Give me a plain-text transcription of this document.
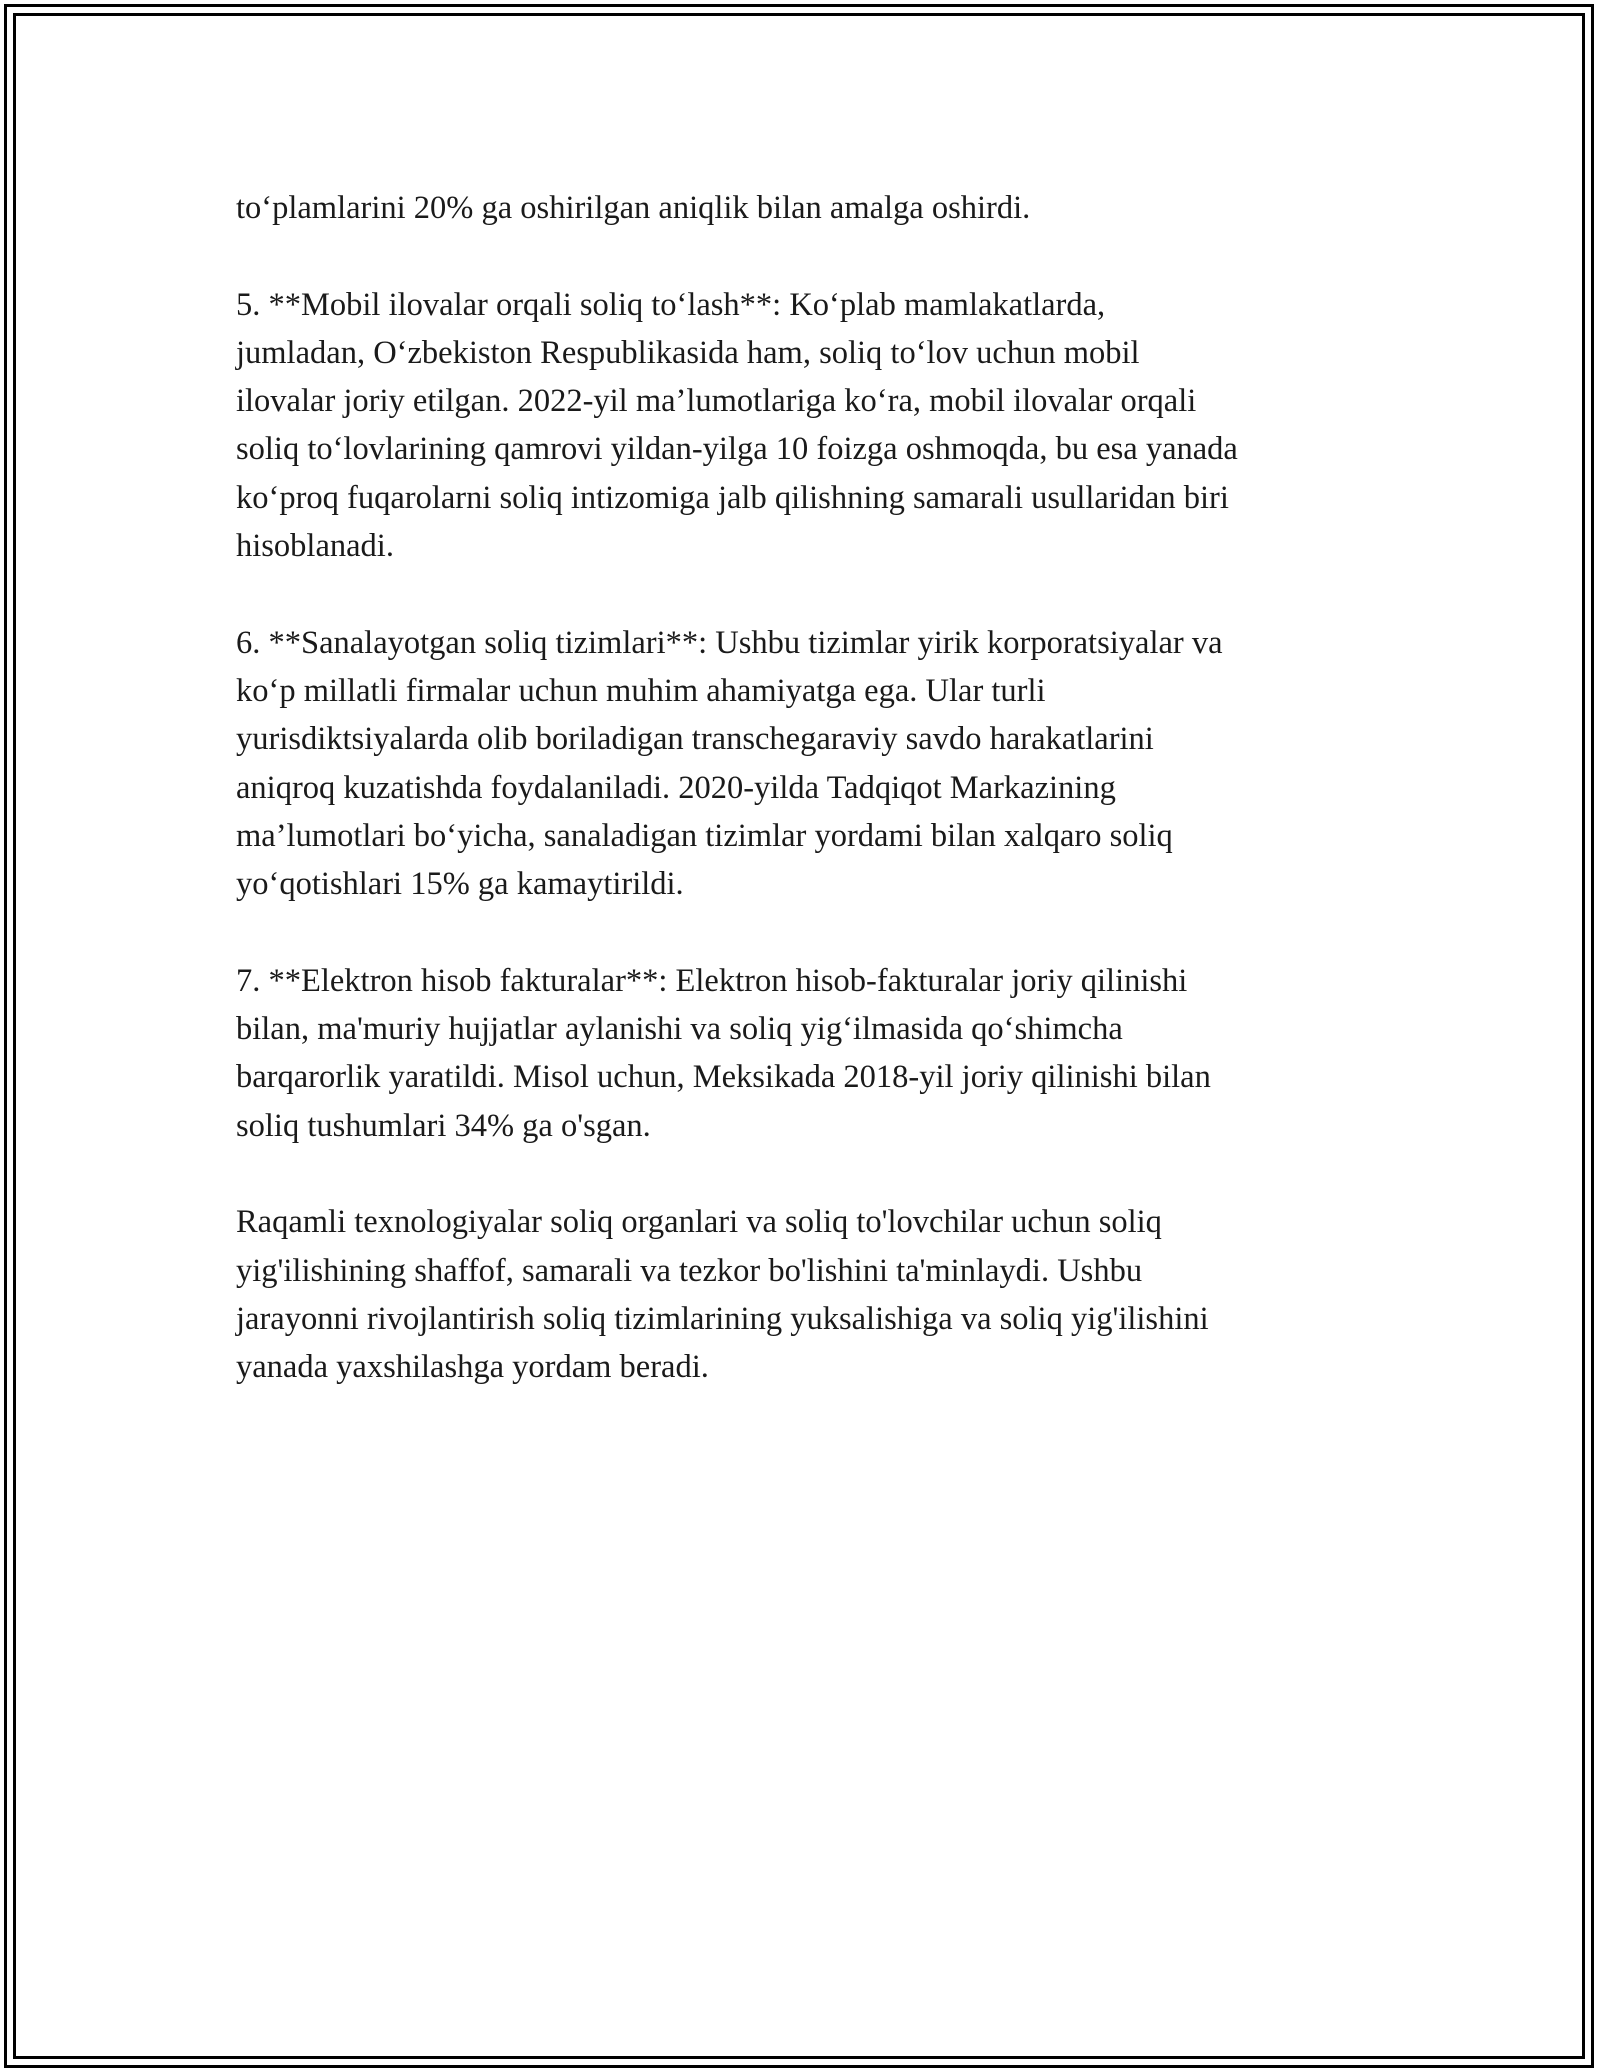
to‘plamlarini 20% ga oshirilgan aniqlik bilan amalga oshirdi.

5. **Mobil ilovalar orqali soliq to‘lash**: Ko‘plab mamlakatlarda,
jumladan, O‘zbekiston Respublikasida ham, soliq to‘lov uchun mobil
ilovalar joriy etilgan. 2022-yil ma’lumotlariga ko‘ra, mobil ilovalar orqali
soliq to‘lovlarining qamrovi yildan-yilga 10 foizga oshmoqda, bu esa yanada
ko‘proq fuqarolarni soliq intizomiga jalb qilishning samarali usullaridan biri
hisoblanadi.

6. **Sanalayotgan soliq tizimlari**: Ushbu tizimlar yirik korporatsiyalar va
ko‘p millatli firmalar uchun muhim ahamiyatga ega. Ular turli
yurisdiktsiyalarda olib boriladigan transchegaraviy savdo harakatlarini
aniqroq kuzatishda foydalaniladi. 2020-yilda Tadqiqot Markazining
ma’lumotlari bo‘yicha, sanaladigan tizimlar yordami bilan xalqaro soliq
yo‘qotishlari 15% ga kamaytirildi.

7. **Elektron hisob fakturalar**: Elektron hisob-fakturalar joriy qilinishi
bilan, ma'muriy hujjatlar aylanishi va soliq yig‘ilmasida qo‘shimcha
barqarorlik yaratildi. Misol uchun, Meksikada 2018-yil joriy qilinishi bilan
soliq tushumlari 34% ga o'sgan.

Raqamli texnologiyalar soliq organlari va soliq to'lovchilar uchun soliq
yig'ilishining shaffof, samarali va tezkor bo'lishini ta'minlaydi. Ushbu
jarayonni rivojlantirish soliq tizimlarining yuksalishiga va soliq yig'ilishini
yanada yaxshilashga yordam beradi.
